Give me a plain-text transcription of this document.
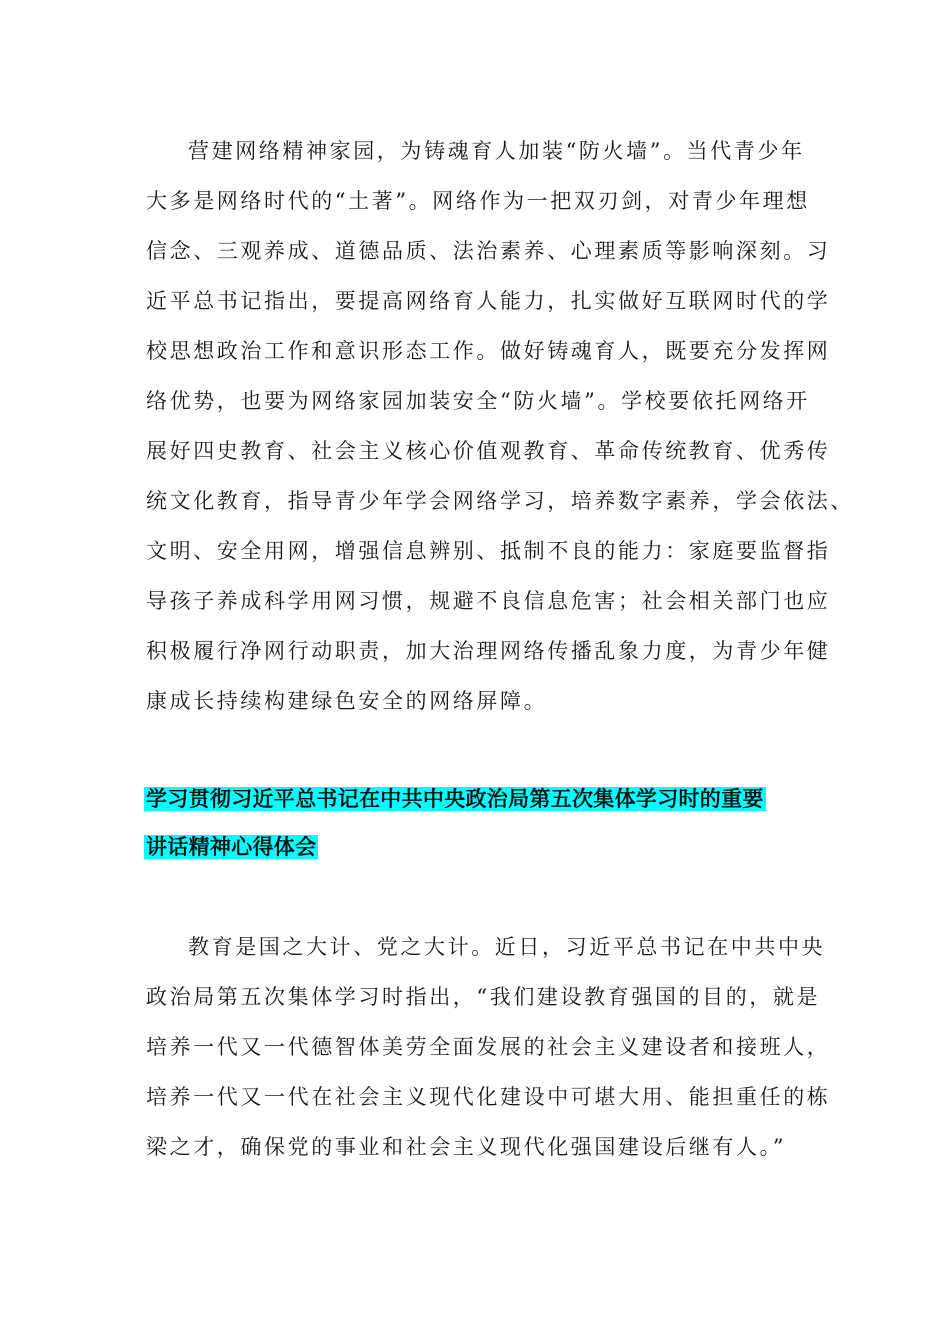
营建网络精神家园，为铸魂育人加装“防火墙”。当代青少年

大多是网络时代的“土著”。网络作为一把双刃剑，对青少年理想

信念、三观养成、道德品质、法治素养、心理素质等影响深刻。习

近平总书记指出，要提高网络育人能力，扎实做好互联网时代的学

校思想政治工作和意识形态工作。做好铸魂育人，既要充分发挥网

络优势，也要为网络家园加装安全“防火墙”。学校要依托网络开

展好四史教育、社会主义核心价值观教育、革命传统教育、优秀传

统文化教育，指导青少年学会网络学习，培养数字素养，学会依法、

文明、安全用网，增强信息辨别、抵制不良的能力：家庭要监督指

导孩子养成科学用网习惯，规避不良信息危害；社会相关部门也应

积极履行净网行动职责，加大治理网络传播乱象力度，为青少年健

康成长持续构建绿色安全的网络屏障。

学习贯彻习近平总书记在中共中央政治局第五次集体学习时的重要

讲话精神心得体会

教育是国之大计、党之大计。近日，习近平总书记在中共中央

政治局第五次集体学习时指出，“我们建设教育强国的目的，就是

培养一代又一代德智体美劳全面发展的社会主义建设者和接班人，

培养一代又一代在社会主义现代化建设中可堪大用、能担重任的栋

梁之才，确保党的事业和社会主义现代化强国建设后继有人。”
